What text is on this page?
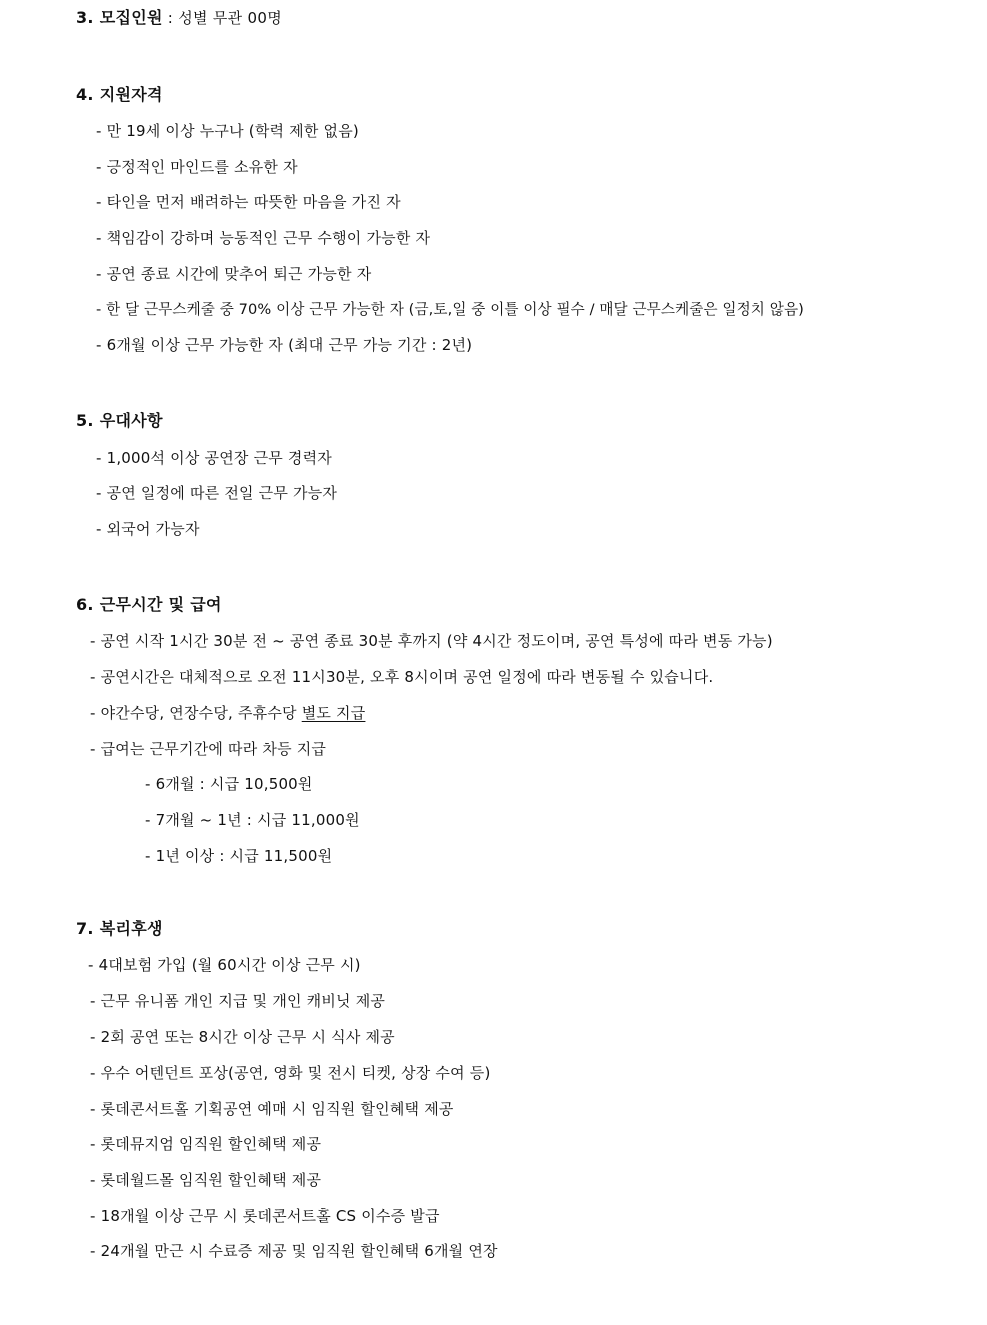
3. 모집인원 : 성별 무관 00명
4. 지원자격
- 만 19세 이상 누구나 (학력 제한 없음)
- 긍정적인 마인드를 소유한 자
- 타인을 먼저 배려하는 따뜻한 마음을 가진 자
- 책임감이 강하며 능동적인 근무 수행이 가능한 자
- 공연 종료 시간에 맞추어 퇴근 가능한 자
- 한 달 근무스케줄 중 70% 이상 근무 가능한 자 (금,토,일 중 이틀 이상 필수 / 매달 근무스케줄은 일정치 않음)
- 6개월 이상 근무 가능한 자 (최대 근무 가능 기간 : 2년)
5. 우대사항
- 1,000석 이상 공연장 근무 경력자
- 공연 일정에 따른 전일 근무 가능자
- 외국어 가능자
6. 근무시간 및 급여
- 공연 시작 1시간 30분 전 ~ 공연 종료 30분 후까지 (약 4시간 정도이며, 공연 특성에 따라 변동 가능)
- 공연시간은 대체적으로 오전 11시30분, 오후 8시이며 공연 일정에 따라 변동될 수 있습니다.
- 야간수당, 연장수당, 주휴수당 별도 지급
- 급여는 근무기간에 따라 차등 지급
- 6개월 : 시급 10,500원
- 7개월 ~ 1년 : 시급 11,000원
- 1년 이상 : 시급 11,500원
7. 복리후생
- 4대보험 가입 (월 60시간 이상 근무 시)
- 근무 유니폼 개인 지급 및 개인 캐비닛 제공
- 2회 공연 또는 8시간 이상 근무 시 식사 제공
- 우수 어텐던트 포상(공연, 영화 및 전시 티켓, 상장 수여 등)
- 롯데콘서트홀 기획공연 예매 시 임직원 할인혜택 제공
- 롯데뮤지엄 임직원 할인혜택 제공
- 롯데월드몰 임직원 할인혜택 제공
- 18개월 이상 근무 시 롯데콘서트홀 CS 이수증 발급
- 24개월 만근 시 수료증 제공 및 임직원 할인혜택 6개월 연장
